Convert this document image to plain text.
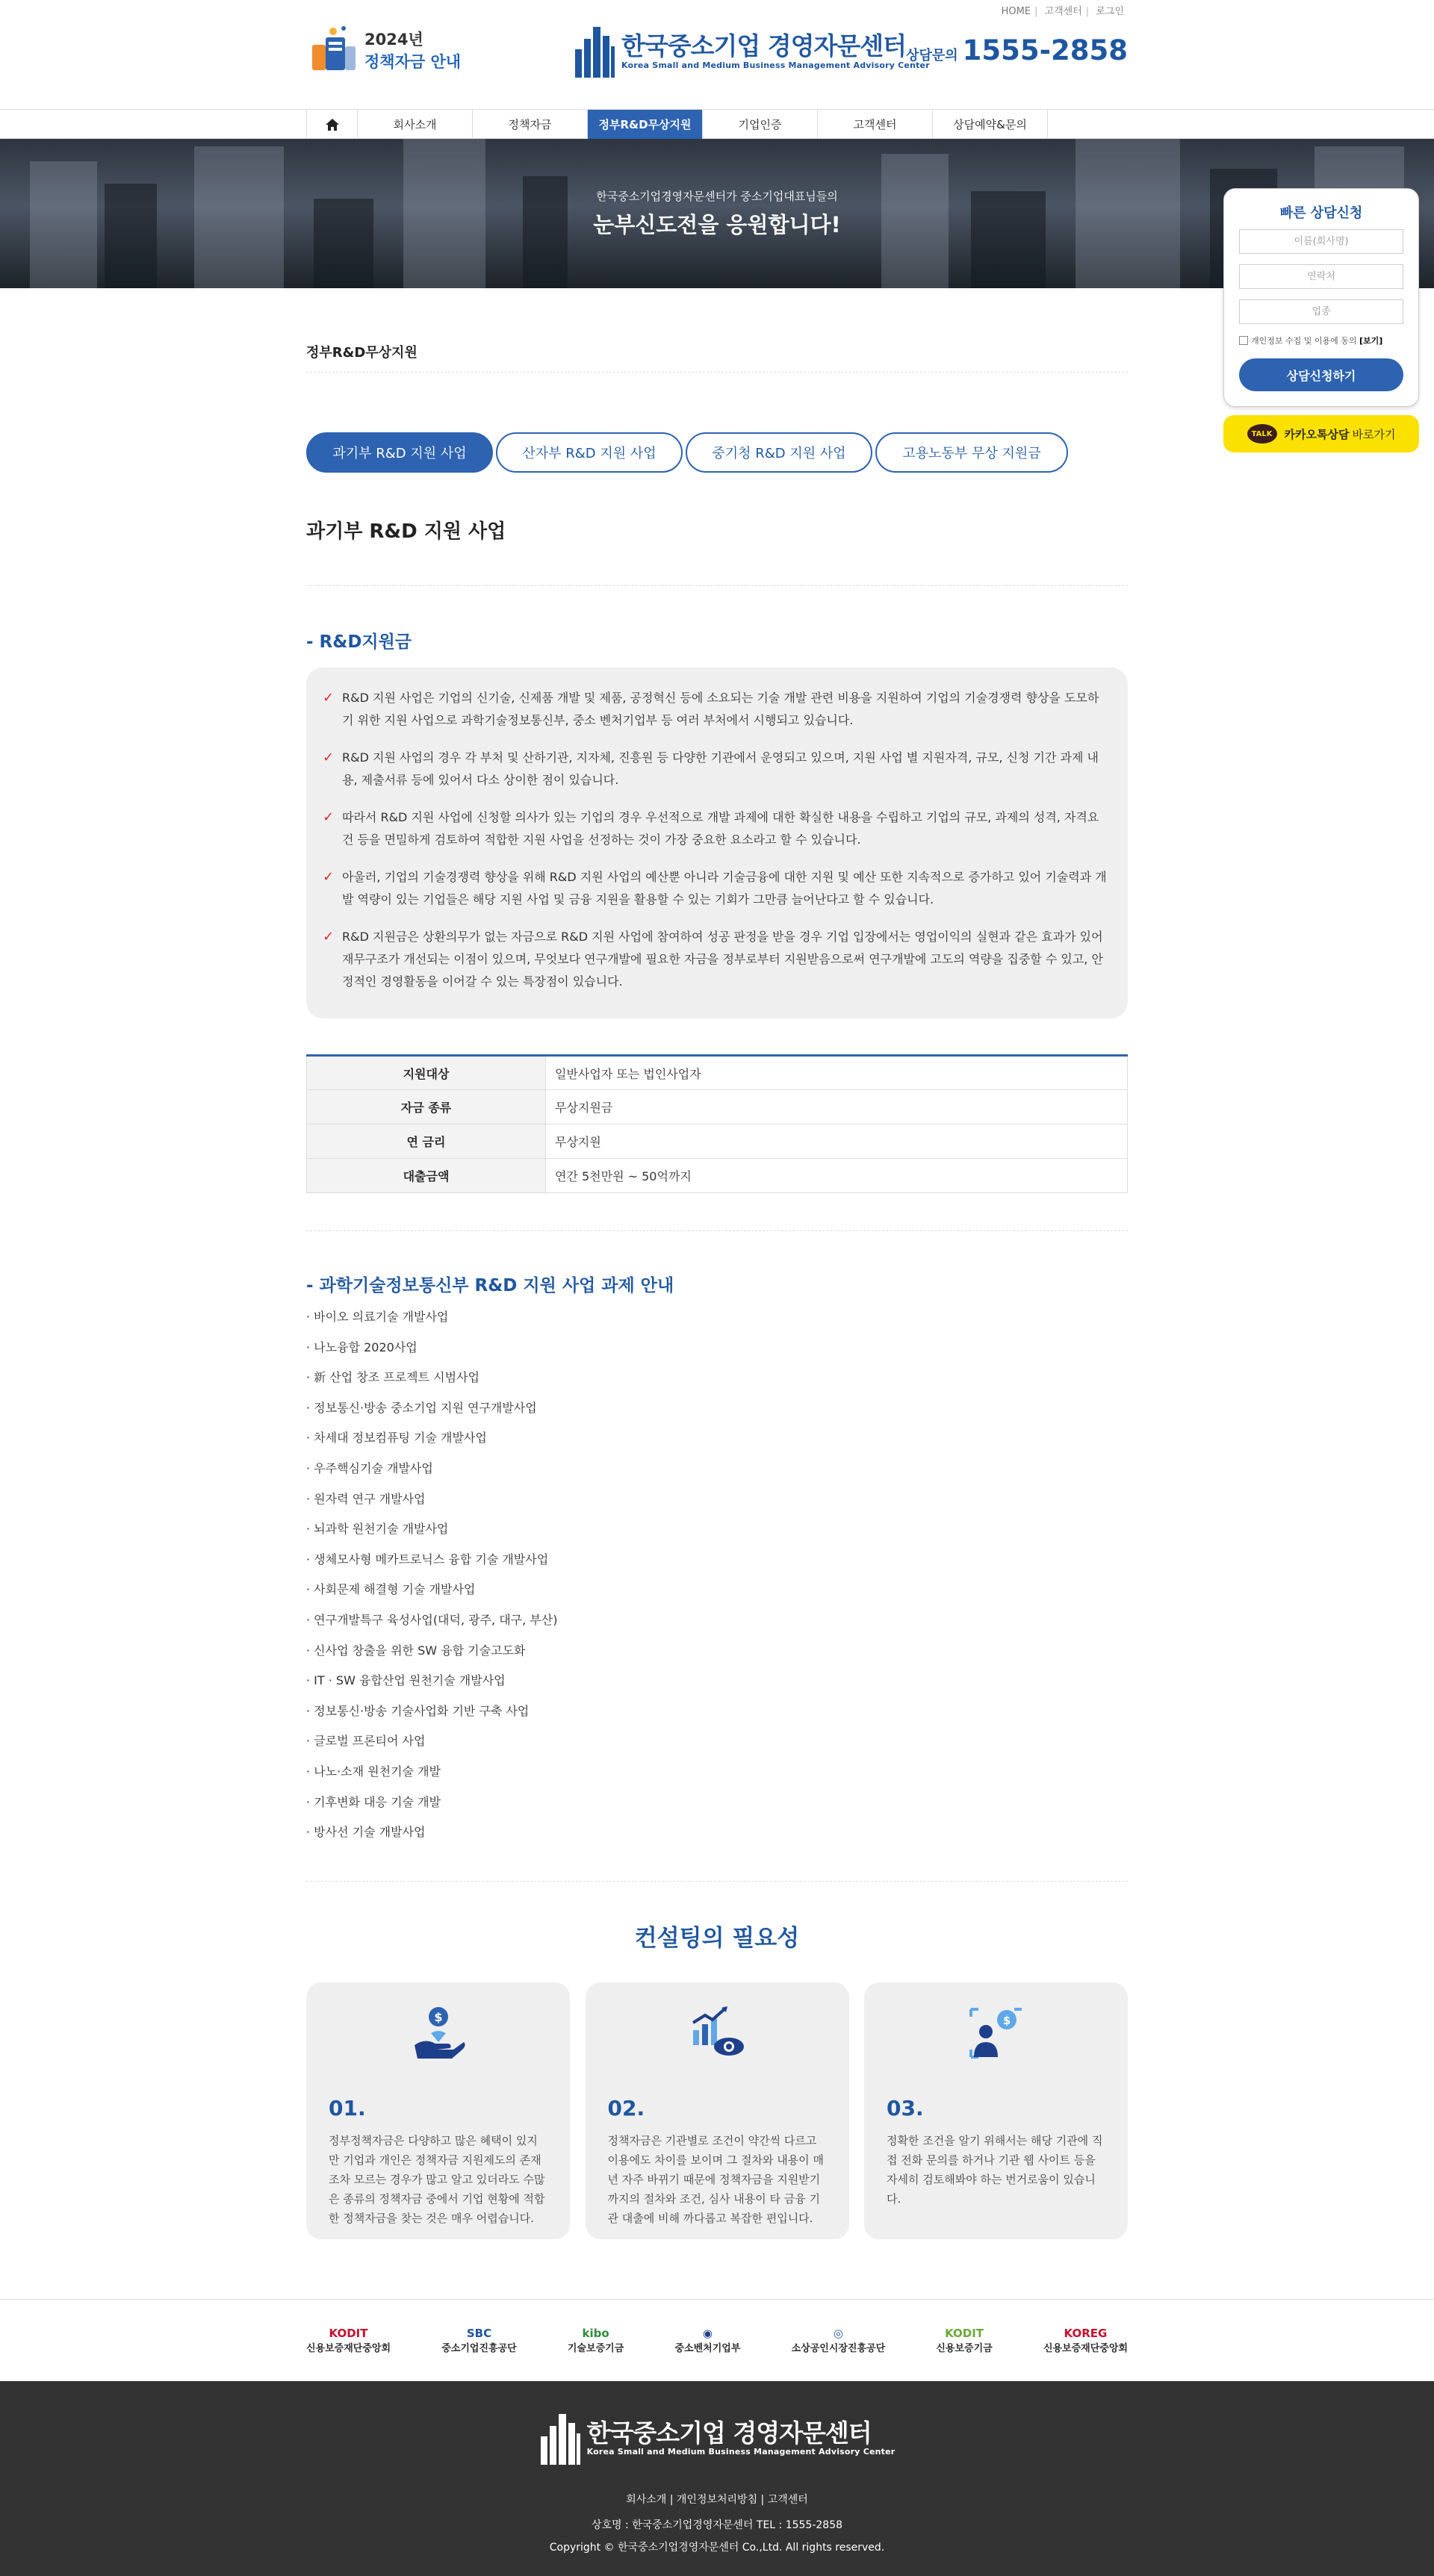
HOME | 고객센터 | 로그인
2024년
정책자금 안내
한국중소기업 경영자문센터
Korea Small and Medium Business Management Advisory Center
상담문의 1555-2858
회사소개	정책자금	정부R&D무상지원	기업인증	고객센터	상담예약&문의
한국중소기업경영자문센터가 중소기업대표님들의
눈부신도전을 응원합니다!	빠른 상담신청
이름(회사명)
연락처
업종
개인정보 수집 및 이용에 동의
[보기]
상담신청하기
TALK	카카오톡상담 바로가기
정부R&D무상지원
과기부 R&D 지원 사업	산자부 R&D 지원 사업	중기청 R&D 지원 사업	고용노동부 무상 지원금
과기부 R&D 지원 사업
- R&D지원금

✓ R&D 지원 사업은 기업의 신기술, 신제품 개발 및 제품, 공정혁신 등에 소요되는 기술 개발 관련 비용을 지원하여 기업의 기술경쟁력 향상을 도모하기 위한 지원 사업으로 과학기술정보통신부, 중소 벤처기업부 등 여러 부처에서 시행되고 있습니다.

✓ R&D 지원 사업의 경우 각 부처 및 산하기관, 지자체, 진흥원 등 다양한 기관에서 운영되고 있으며, 지원 사업 별 지원자격, 규모, 신청 기간 과제 내용, 제출서류 등에 있어서 다소 상이한 점이 있습니다.

✓ 따라서 R&D 지원 사업에 신청할 의사가 있는 기업의 경우 우선적으로 개발 과제에 대한 확실한 내용을 수립하고 기업의 규모, 과제의 성격, 자격요건 등을 면밀하게 검토하여 적합한 지원 사업을 선정하는 것이 가장 중요한 요소라고 할 수 있습니다.

✓ 아울러, 기업의 기술경쟁력 향상을 위해 R&D 지원 사업의 예산뿐 아니라 기술금융에 대한 지원 및 예산 또한 지속적으로 증가하고 있어 기술력과 개발 역량이 있는 기업들은 해당 지원 사업 및 금융 지원을 활용할 수 있는 기회가 그만큼 늘어난다고 할 수 있습니다.

✓ R&D 지원금은 상환의무가 없는 자금으로 R&D 지원 사업에 참여하여 성공 판정을 받을 경우 기업 입장에서는 영업이익의 실현과 같은 효과가 있어 재무구조가 개선되는 이점이 있으며, 무엇보다 연구개발에 필요한 자금을 정부로부터 지원받음으로써 연구개발에 고도의 역량을 집중할 수 있고, 안정적인 경영활동을 이어갈 수 있는 특장점이 있습니다.

지원대상	일반사업자 또는 법인사업자
자금 종류	무상지원금
연 금리	무상지원
대출금액	연간 5천만원 ~ 50억까지
- 과학기술정보통신부 R&D 지원 사업 과제 안내
· 바이오 의료기술 개발사업
· 나노융합 2020사업
· 新 산업 창조 프로젝트 시범사업
· 정보통신·방송 중소기업 지원 연구개발사업
· 차세대 정보컴퓨팅 기술 개발사업
· 우주핵심기술 개발사업
· 원자력 연구 개발사업
· 뇌과학 원천기술 개발사업
· 생체모사형 메카트로닉스 융합 기술 개발사업
· 사회문제 해결형 기술 개발사업
· 연구개발특구 육성사업(대덕, 광주, 대구, 부산)
· 신사업 창출을 위한 SW 융합 기술고도화
· IT · SW 융합산업 원천기술 개발사업
· 정보통신·방송 기술사업화 기반 구축 사업
· 글로벌 프론티어 사업
· 나노·소재 원천기술 개발
· 기후변화 대응 기술 개발
· 방사선 기술 개발사업
컨설팅의 필요성
$
01.
정부정책자금은 다양하고 많은 혜택이 있지만 기업과 개인은 정책자금 지원제도의 존재조차 모르는 경우가 많고 알고 있더라도 수많은 종류의 정책자금 중에서 기업 현황에 적합한 정책자금을 찾는 것은 매우 어렵습니다.
02.
정책자금은 기관별로 조건이 약간씩 다르고 이용에도 차이를 보이며 그 절차와 내용이 매년 자주 바뀌기 때문에 정책자금을 지원받기 까지의 절차와 조건, 심사 내용이 타 금융 기관 대출에 비해 까다롭고 복잡한 편입니다.
$
03.
정확한 조건을 알기 위해서는 해당 기관에 직접 전화 문의를 하거나 기관 웹 사이트 등을 자세히 검토해봐야 하는 번거로움이 있습니다.
KODIT
신용보증재단중앙회
SBC
중소기업진흥공단
kibo
기술보증기금
◉
중소벤처기업부
◎
소상공인시장진흥공단
KODIT
신용보증기금
KOREG
신용보증재단중앙회
한국중소기업 경영자문센터
Korea Small and Medium Business Management Advisory Center
회사소개 | 개인정보처리방침 | 고객센터
상호명 : 한국중소기업경영자문센터 TEL : 1555-2858
Copyright © 한국중소기업경영자문센터 Co.,Ltd. All rights reserved.
